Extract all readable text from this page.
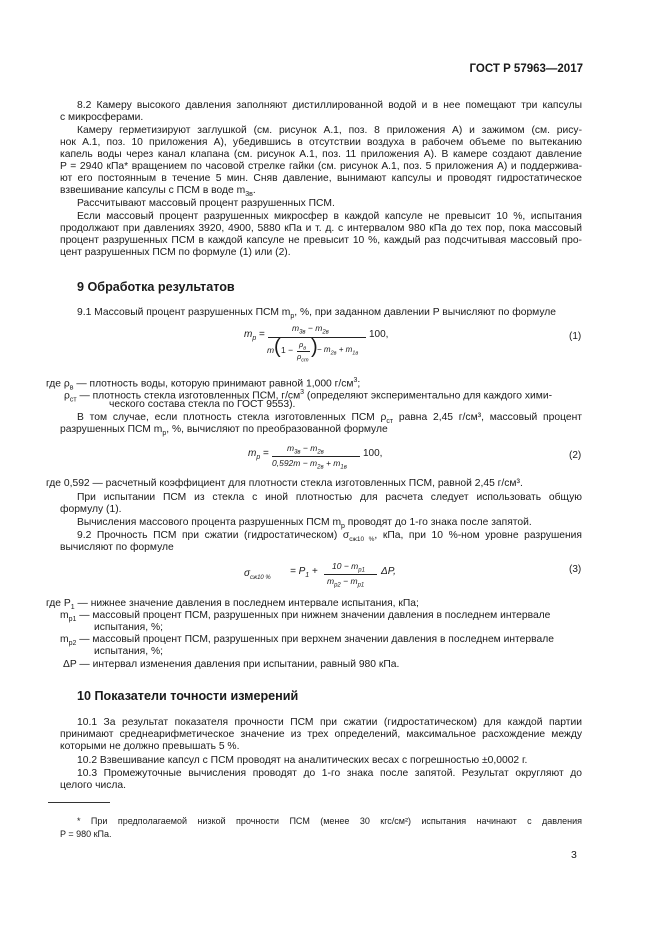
ГОСТ Р 57963—2017
8.2 Камеру высокого давления заполняют дистиллированной водой и в нее помещают три капсулы
с микросферами.
Камеру герметизируют заглушкой (см. рисунок А.1, поз. 8 приложения А) и зажимом (см. рису-
нок А.1, поз. 10 приложения А), убедившись в отсутствии воздуха в рабочем объеме по вытеканию
капель воды через канал клапана (см. рисунок А.1, поз. 11 приложения А). В камере создают давление
P = 2940 кПа* вращением по часовой стрелке гайки (см. рисунок А.1, поз. 5 приложения А) и поддержива-
ют его постоянным в течение 5 мин. Сняв давление, вынимают капсулы и проводят гидростатическое
взвешивание капсулы с ПСМ в воде $m_{3в}$.
Рассчитывают массовый процент разрушенных ПСМ.
Если массовый процент разрушенных микросфер в каждой капсуле не превысит 10 %, испытания
продолжают при давлениях 3920, 4900, 5880 кПа и т. д. с интервалом 980 кПа до тех пор, пока массовый
процент разрушенных ПСМ в каждой капсуле не превысит 10 %, каждый раз подсчитывая массовый про-
цент разрушенных ПСМ по формуле (1) или (2).
9 Обработка результатов
9.1 Массовый процент разрушенных ПСМ $m_p$, %, при заданном давлении P вычисляют по формуле
$m_p$ =
$m_{3в} - m_{2в}$
m ( 1 −
$\rho_в$
$\rho_{ст}$
) − $m_{2в} + m_{1в}$
100,	(1)
где $\rho_в$ — плотность воды, которую принимают равной 1,000 $г/см^3$;
$\rho_{ст}$ — плотность стекла изготовленных ПСМ, $г/см^3$ (определяют экспериментально для каждого хими-
ческого состава стекла по ГОСТ 9553).
В том случае, если плотность стекла изготовленных ПСМ $\rho_{ст}$ равна 2,45 г/см³, массовый процент
разрушенных ПСМ $m_p$, %, вычисляют по преобразованной формуле
$m_p = m_{3в} - m_{2в}$
$0,592m - m_{2в} + m_{1в}$
100,	(2)
где 0,592 — расчетный коэффициент для плотности стекла изготовленных ПСМ, равной 2,45 г/см³.
При испытании ПСМ из стекла с иной плотностью для расчета следует использовать общую
формулу (1).
Вычисления массового процента разрушенных ПСМ $m_p$ проводят до 1-го знака после запятой.
9.2 Прочность ПСМ при сжатии (гидростатическом) $\sigma_{сж10 \%}$, кПа, при 10 %-ном уровне разрушения
вычисляют по формуле
$\sigma_{сж10 \%}$
= $P_1 + 10 - m_{p1}$
$m_{p2} - m_{p1}$
ΔP,	(3)
где $P_1$ — нижнее значение давления в последнем интервале испытания, кПа;
$m_{p1}$ — массовый процент ПСМ, разрушенных при нижнем значении давления в последнем интервале
испытания, %;
$m_{p2}$ — массовый процент ПСМ, разрушенных при верхнем значении давления в последнем интервале
испытания, %;
ΔP — интервал изменения давления при испытании, равный 980 кПа.
10 Показатели точности измерений
10.1 За результат показателя прочности ПСМ при сжатии (гидростатическом) для каждой партии
принимают среднеарифметическое значение из трех определений, максимальное расхождение между
которыми не должно превышать 5 %.
10.2 Взвешивание капсул с ПСМ проводят на аналитических весах с погрешностью ±0,0002 г.
10.3 Промежуточные вычисления проводят до 1-го знака после запятой. Результат округляют до
целого числа.
* При предполагаемой низкой прочности ПСМ (менее 30 кгс/см²) испытания начинают с давления
P = 980 кПа.
3
